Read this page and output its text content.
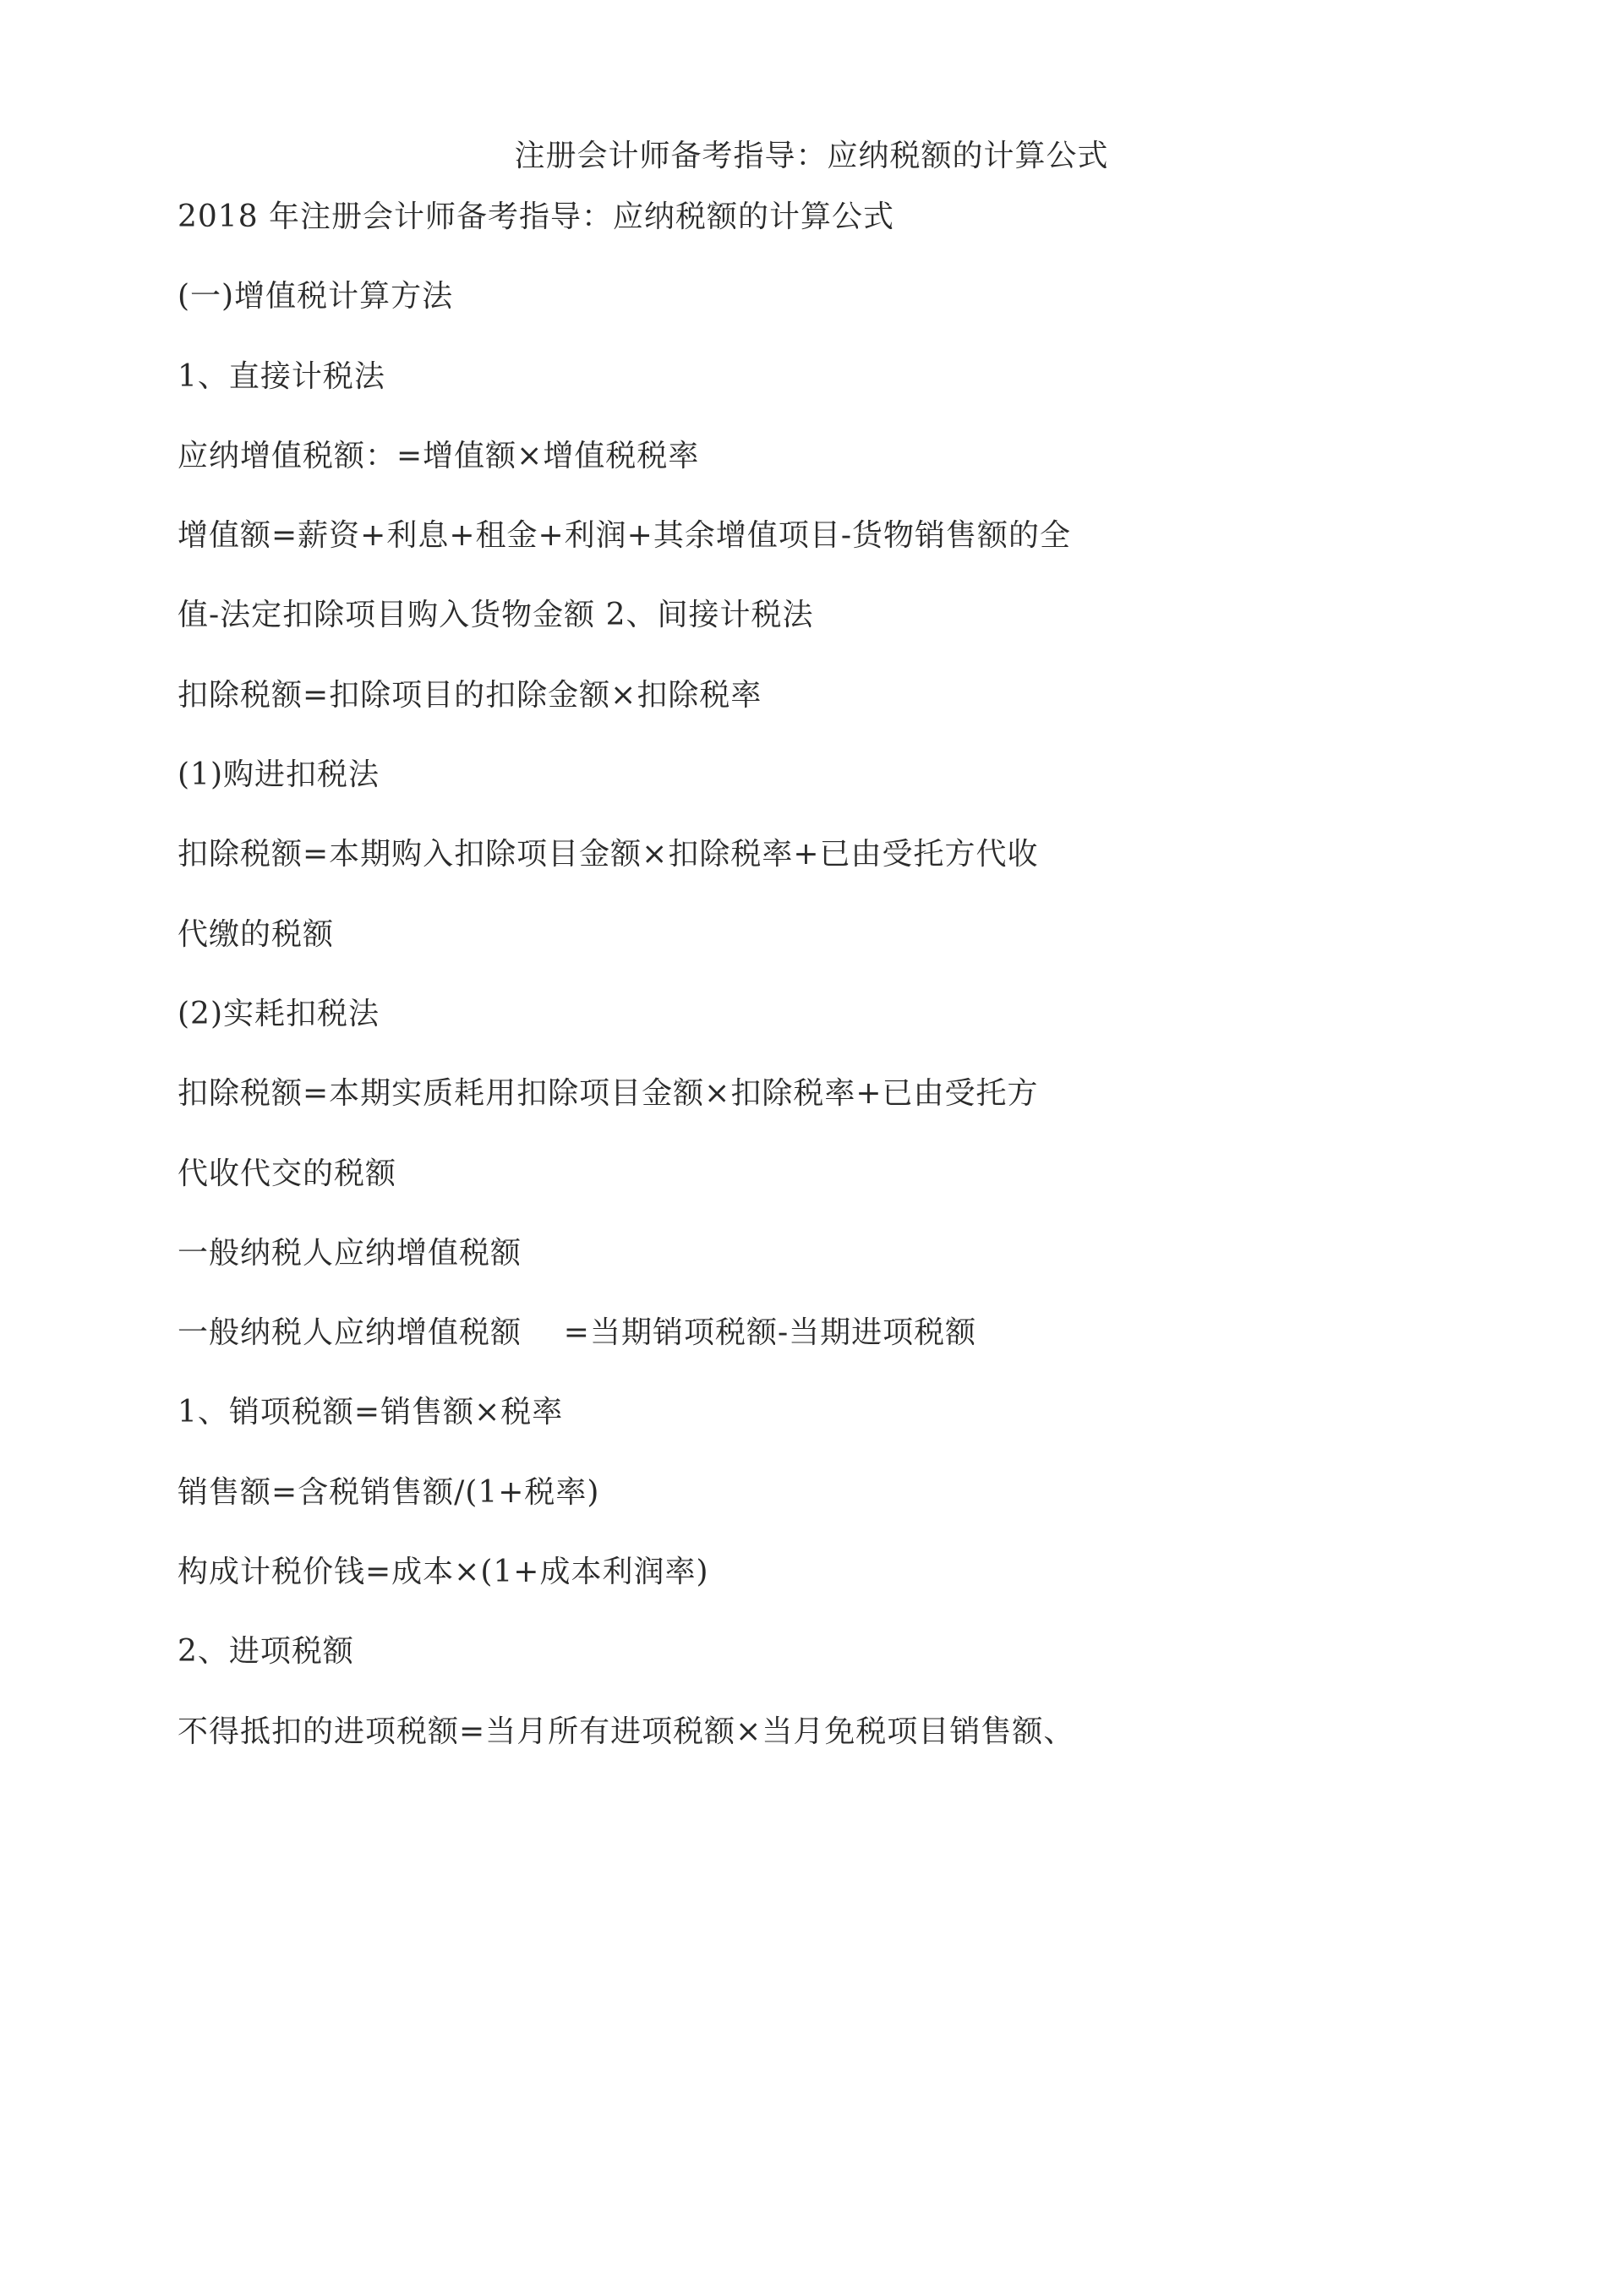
注册会计师备考指导：应纳税额的计算公式
2018 年注册会计师备考指导：应纳税额的计算公式
(一)增值税计算方法
1、直接计税法
应纳增值税额：=增值额×增值税税率
增值额=薪资+利息+租金+利润+其余增值项目-货物销售额的全
值-法定扣除项目购入货物金额 2、间接计税法
扣除税额=扣除项目的扣除金额×扣除税率
(1)购进扣税法
扣除税额=本期购入扣除项目金额×扣除税率+已由受托方代收
代缴的税额
(2)实耗扣税法
扣除税额=本期实质耗用扣除项目金额×扣除税率+已由受托方
代收代交的税额
一般纳税人应纳增值税额
一般纳税人应纳增值税额    =当期销项税额-当期进项税额
1、销项税额=销售额×税率
销售额=含税销售额/(1+税率)
构成计税价钱=成本×(1+成本利润率)
2、进项税额
不得抵扣的进项税额=当月所有进项税额×当月免税项目销售额、
